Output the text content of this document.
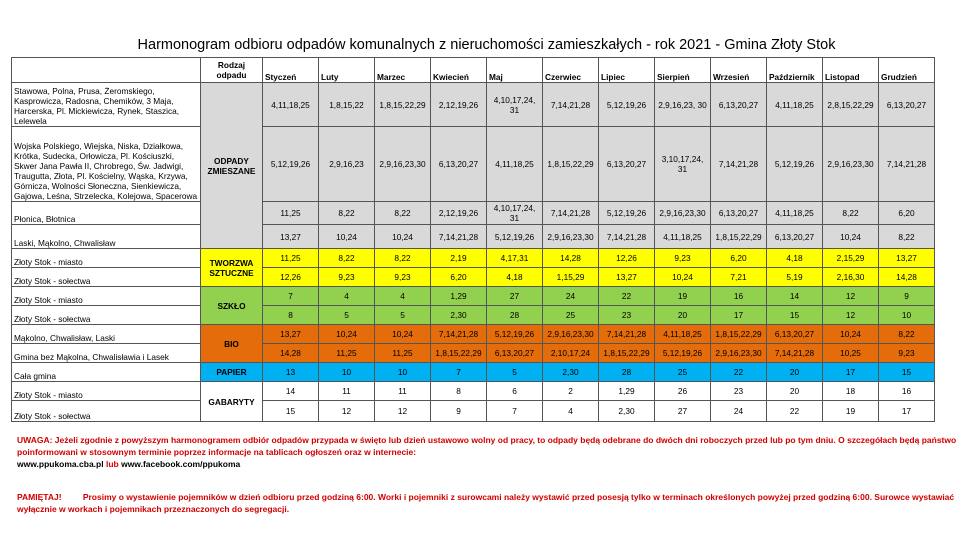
Harmonogram odbioru odpadów komunalnych z nieruchomości zamieszkałych - rok 2021 - Gmina Złoty Stok
	Rodzaj odpadu	Styczeń	Luty	Marzec	Kwiecień	Maj	Czerwiec	Lipiec	Sierpień	Wrzesień	Październik	Listopad	Grudzień
Stawowa, Polna, Prusa, Żeromskiego, Kasprowicza, Radosna, Chemików, 3 Maja, Harcerska, Pl. Mickiewicza, Rynek, Staszica, Lelewela	ODPADY ZMIESZANE	4,11,18,25	1,8,15,22	1,8,15,22,29	2,12,19,26	4,10,17,24, 31	7,14,21,28	5,12,19,26	2,9,16,23, 30	6,13,20,27	4,11,18,25	2,8,15,22,29	6,13,20,27
Wojska Polskiego, Wiejska, Niska, Działkowa, Krótka, Sudecka, Orłowicza, Pl. Kościuszki, Skwer Jana Pawła II, Chrobrego, Św. Jadwigi, Traugutta, Złota, Pl. Kościelny, Wąska, Krzywa, Górnicza, Wolności Słoneczna, Sienkiewicza, Gajowa, Leśna, Strzelecka, Kolejowa, Spacerowa		5,12,19,26	2,9,16,23	2,9,16,23,30	6,13,20,27	4,11,18,25	1,8,15,22,29	6,13,20,27	3,10,17,24, 31	7,14,21,28	5,12,19,26	2,9,16,23,30	7,14,21,28
Płonica, Błotnica		11,25	8,22	8,22	2,12,19,26	4,10,17,24, 31	7,14,21,28	5,12,19,26	2,9,16,23,30	6,13,20,27	4,11,18,25	8,22	6,20
Laski, Mąkolno, Chwalisław		13,27	10,24	10,24	7,14,21,28	5,12,19,26	2,9,16,23,30	7,14,21,28	4,11,18,25	1,8,15,22,29	6,13,20,27	10,24	8,22
Złoty Stok - miasto	TWORZWA SZTUCZNE	11,25	8,22	8,22	2,19	4,17,31	14,28	12,26	9,23	6,20	4,18	2,15,29	13,27
Złoty Stok - sołectwa		12,26	9,23	9,23	6,20	4,18	1,15,29	13,27	10,24	7,21	5,19	2,16,30	14,28
Złoty Stok - miasto	SZKŁO	7	4	4	1,29	27	24	22	19	16	14	12	9
Złoty Stok - sołectwa		8	5	5	2,30	28	25	23	20	17	15	12	10
Mąkolno, Chwalisław, Laski	BIO	13,27	10,24	10,24	7,14,21,28	5,12,19,26	2,9,16,23,30	7,14,21,28	4,11,18,25	1,8,15,22,29	6,13,20,27	10,24	8,22
Gmina bez Mąkolna, Chwalisławia i Lasek		14,28	11,25	11,25	1,8,15,22,29	6,13,20,27	2,10,17,24	1,8,15,22,29	5,12,19,26	2,9,16,23,30	7,14,21,28	10,25	9,23
Cała gmina	PAPIER	13	10	10	7	5	2,30	28	25	22	20	17	15
Złoty Stok - miasto	GABARYTY	14	11	11	8	6	2	1,29	26	23	20	18	16
Złoty Stok - sołectwa		15	12	12	9	7	4	2,30	27	24	22	19	17
UWAGA: Jeżeli zgodnie z powyższym harmonogramem odbiór odpadów przypada w święto lub dzień ustawowo wolny od pracy, to odpady będą odebrane do dwóch dni roboczych przed lub po tym dniu. O szczegółach będą państwo poinformowani w stosownym terminie poprzez informacje na tablicach ogłoszeń oraz w internecie:
www.ppukoma.cba.pl lub www.facebook.com/ppukoma
PAMIĘTAJ!	Prosimy o wystawienie pojemników w dzień odbioru przed godziną 6:00. Worki i pojemniki z surowcami należy wystawić przed posesją tylko w terminach określonych powyżej przed godziną 6:00. Surowce wystawiać wyłącznie w workach i pojemnikach przeznaczonych do segregacji.
